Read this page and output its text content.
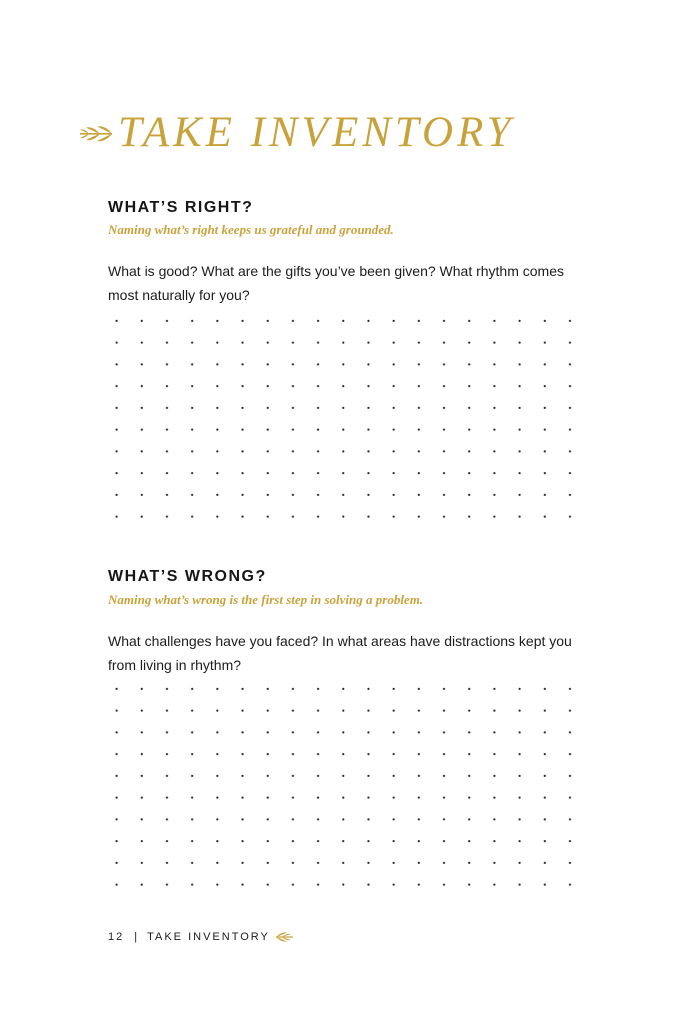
TAKE INVENTORY
WHAT’S RIGHT?

Naming what’s right keeps us grateful and grounded.

What is good? What are the gifts you’ve been given? What rhythm comes most naturally for you?

WHAT’S WRONG?

Naming what’s wrong is the first step in solving a problem.

What challenges have you faced? In what areas have distractions kept you from living in rhythm?

12 | TAKE INVENTORY
